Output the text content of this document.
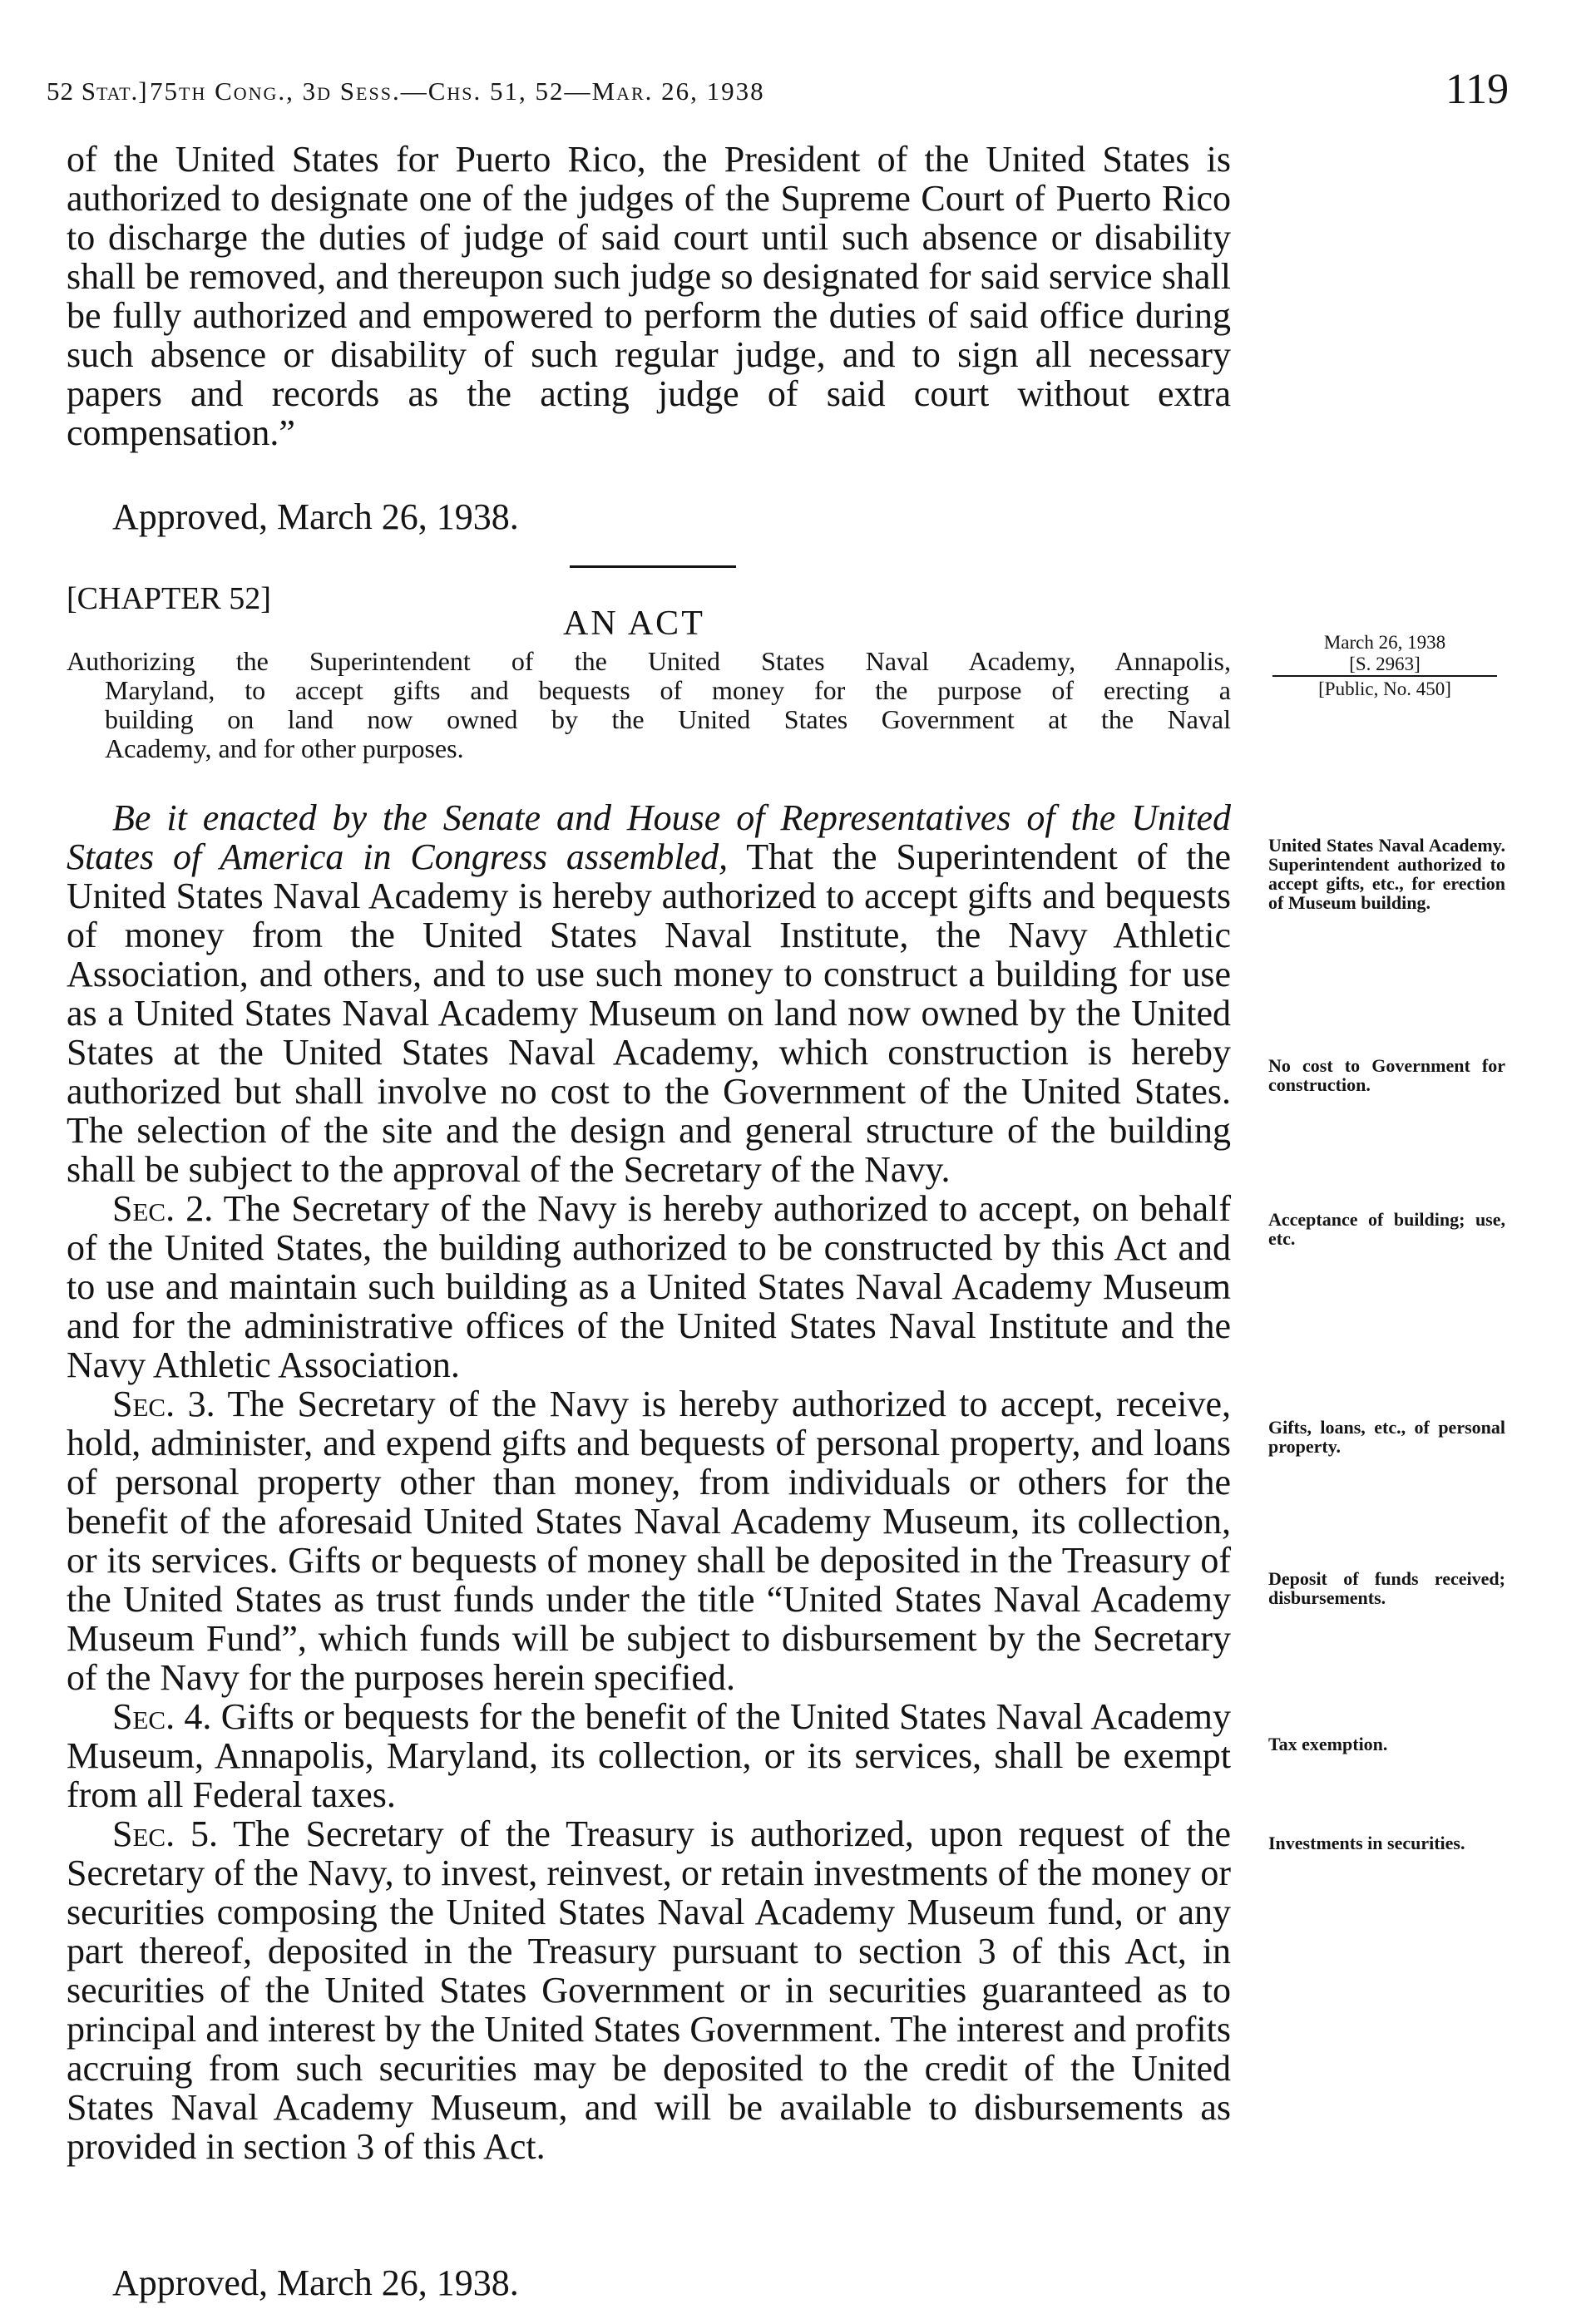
52 Stat.] 75th Cong., 3d Sess.—Chs. 51, 52—Mar. 26, 1938	119

of the United States for Puerto Rico, the President of the United States is authorized to designate one of the judges of the Supreme Court of Puerto Rico to discharge the duties of judge of said court until such absence or disability shall be removed, and thereupon such judge so designated for said service shall be fully authorized and empowered to perform the duties of said office during such absence or disability of such regular judge, and to sign all necessary papers and records as the acting judge of said court without extra compensation.”

Approved, March 26, 1938.
[CHAPTER 52]
AN ACT
Authorizing the Superintendent of the United States Naval Academy, Annapolis,
Maryland, to accept gifts and bequests of money for the purpose of erecting a
building on land now owned by the United States Government at the Naval
Academy, and for other purposes.
March 26, 1938
[S. 2963]
[Public, No. 450]

Be it enacted by the Senate and House of Representatives of the United States of America in Congress assembled, That the Superintendent of the United States Naval Academy is hereby authorized to accept gifts and bequests of money from the United States Naval Institute, the Navy Athletic Association, and others, and to use such money to construct a building for use as a United States Naval Academy Museum on land now owned by the United States at the United States Naval Academy, which construction is hereby authorized but shall involve no cost to the Government of the United States. The selection of the site and the design and general structure of the building shall be subject to the approval of the Secretary of the Navy.

Sec. 2. The Secretary of the Navy is hereby authorized to accept, on behalf of the United States, the building authorized to be constructed by this Act and to use and maintain such building as a United States Naval Academy Museum and for the administrative offices of the United States Naval Institute and the Navy Athletic Association.

Sec. 3. The Secretary of the Navy is hereby authorized to accept, receive, hold, administer, and expend gifts and bequests of personal property, and loans of personal property other than money, from individuals or others for the benefit of the aforesaid United States Naval Academy Museum, its collection, or its services. Gifts or bequests of money shall be deposited in the Treasury of the United States as trust funds under the title “United States Naval Academy Museum Fund”, which funds will be subject to disbursement by the Secretary of the Navy for the purposes herein specified.

Sec. 4. Gifts or bequests for the benefit of the United States Naval Academy Museum, Annapolis, Maryland, its collection, or its services, shall be exempt from all Federal taxes.

Sec. 5. The Secretary of the Treasury is authorized, upon request of the Secretary of the Navy, to invest, reinvest, or retain investments of the money or securities composing the United States Naval Academy Museum fund, or any part thereof, deposited in the Treasury pursuant to section 3 of this Act, in securities of the United States Government or in securities guaranteed as to principal and interest by the United States Government. The interest and profits accruing from such securities may be deposited to the credit of the United States Naval Academy Museum, and will be available to disbursements as provided in section 3 of this Act.

Approved, March 26, 1938.
United States Naval Academy. Superintendent authorized to accept gifts, etc., for erection of Museum building.
No cost to Government for construction.
Acceptance of building; use, etc.
Gifts, loans, etc., of personal property.
Deposit of funds received; disbursements.
Tax exemption.
Investments in securities.
